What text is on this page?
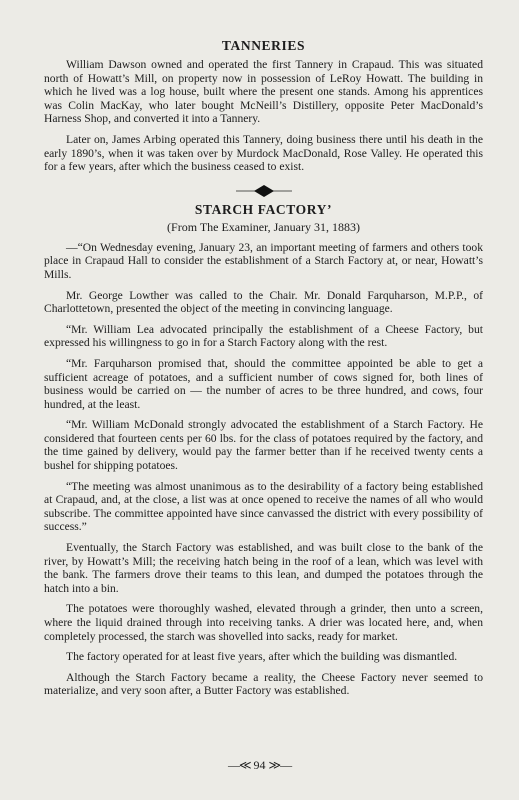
TANNERIES

William Dawson owned and operated the first Tannery in Crapaud. This was situated north of Howatt’s Mill, on property now in possession of LeRoy Howatt. The building in which he lived was a log house, built where the present one stands. Among his apprentices was Colin MacKay, who later bought McNeill’s Distillery, opposite Peter MacDonald’s Harness Shop, and converted it into a Tannery.

Later on, James Arbing operated this Tannery, doing business there until his death in the early 1890’s, when it was taken over by Murdock MacDonald, Rose Valley. He operated this for a few years, after which the business ceased to exist.

STARCH FACTORY’
(From The Examiner, January 31, 1883)

—“On Wednesday evening, January 23, an important meeting of farmers and others took place in Crapaud Hall to consider the establishment of a Starch Factory at, or near, Howatt’s Mills.

Mr. George Lowther was called to the Chair. Mr. Donald Farquharson, M.P.P., of Charlottetown, presented the object of the meeting in convincing language.

“Mr. William Lea advocated principally the establishment of a Cheese Factory, but expressed his willingness to go in for a Starch Factory along with the rest.

“Mr. Farquharson promised that, should the committee appointed be able to get a sufficient acreage of potatoes, and a sufficient number of cows signed for, both lines of business would be carried on — the number of acres to be three hundred, and cows, four hundred, at the least.

“Mr. William McDonald strongly advocated the establishment of a Starch Factory. He considered that fourteen cents per 60 lbs. for the class of potatoes required by the factory, and the time gained by delivery, would pay the farmer better than if he received twenty cents a bushel for shipping potatoes.

“The meeting was almost unanimous as to the desirability of a factory being established at Crapaud, and, at the close, a list was at once opened to receive the names of all who would subscribe. The committee appointed have since canvassed the district with every possibility of success.”

Eventually, the Starch Factory was established, and was built close to the bank of the river, by Howatt’s Mill; the receiving hatch being in the roof of a lean, which was level with the bank. The farmers drove their teams to this lean, and dumped the potatoes through the hatch into a bin.

The potatoes were thoroughly washed, elevated through a grinder, then unto a screen, where the liquid drained through into receiving tanks. A drier was located here, and, when completely processed, the starch was shovelled into sacks, ready for market.

The factory operated for at least five years, after which the building was dismantled.

Although the Starch Factory became a reality, the Cheese Factory never seemed to materialize, and very soon after, a Butter Factory was established.

—≪ 94 ≫—
